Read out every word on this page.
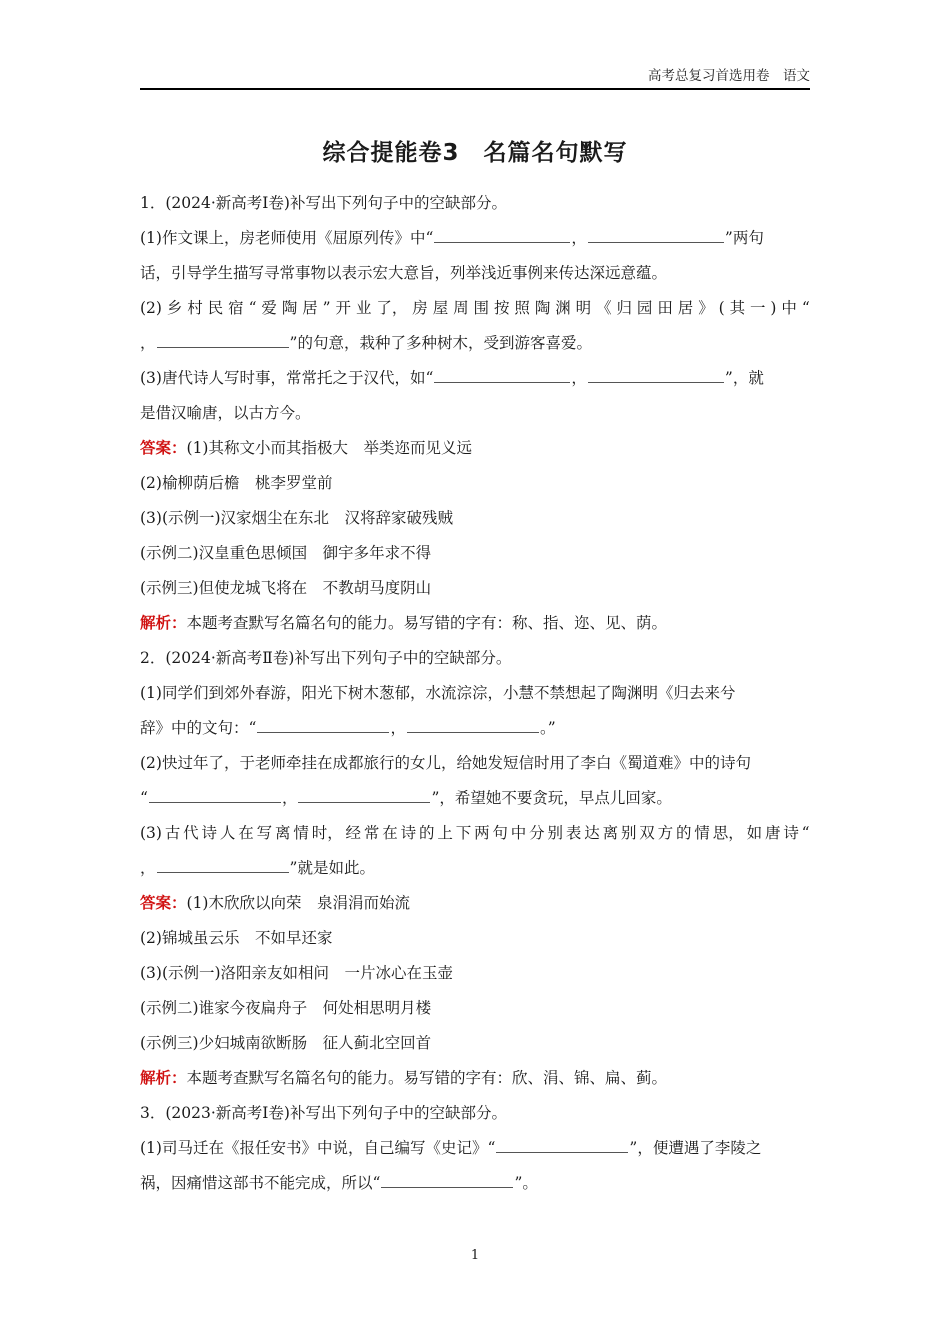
高考总复习首选用卷　语文
综合提能卷3　名篇名句默写
1．(2024·新高考Ⅰ卷)补写出下列句子中的空缺部分。
(1)作文课上，房老师使用《屈原列传》中“	，	”两句
话，引导学生描写寻常事物以表示宏大意旨，列举浅近事例来传达深远意蕴。
(2) 乡 村 民 宿 “ 爱 陶 居 ” 开 业 了， 房 屋 周 围 按 照 陶 渊 明 《 归 园 田 居 》 ( 其 一 ) 中 “
，	”的句意，栽种了多种树木，受到游客喜爱。
(3)唐代诗人写时事，常常托之于汉代，如“	，	”，就
是借汉喻唐，以古方今。
答案：(1)其称文小而其指极大　举类迩而见义远
(2)榆柳荫后檐　桃李罗堂前
(3)(示例一)汉家烟尘在东北　汉将辞家破残贼
(示例二)汉皇重色思倾国　御宇多年求不得
(示例三)但使龙城飞将在　不教胡马度阴山
解析：本题考查默写名篇名句的能力。易写错的字有：称、指、迩、见、荫。
2．(2024·新高考Ⅱ卷)补写出下列句子中的空缺部分。
(1)同学们到郊外春游，阳光下树木葱郁，水流淙淙，小慧不禁想起了陶渊明《归去来兮
辞》中的文句：“	，	。”
(2)快过年了，于老师牵挂在成都旅行的女儿，给她发短信时用了李白《蜀道难》中的诗句
“	，	”，希望她不要贪玩，早点儿回家。
(3) 古 代 诗 人 在 写 离 情 时， 经 常 在 诗 的 上 下 两 句 中 分 别 表 达 离 别 双 方 的 情 思， 如 唐 诗 “
，	”就是如此。
答案：(1)木欣欣以向荣　泉涓涓而始流
(2)锦城虽云乐　不如早还家
(3)(示例一)洛阳亲友如相问　一片冰心在玉壶
(示例二)谁家今夜扁舟子　何处相思明月楼
(示例三)少妇城南欲断肠　征人蓟北空回首
解析：本题考查默写名篇名句的能力。易写错的字有：欣、涓、锦、扁、蓟。
3．(2023·新高考Ⅰ卷)补写出下列句子中的空缺部分。
(1)司马迁在《报任安书》中说，自己编写《史记》“	”，便遭遇了李陵之
祸，因痛惜这部书不能完成，所以“	”。
1
